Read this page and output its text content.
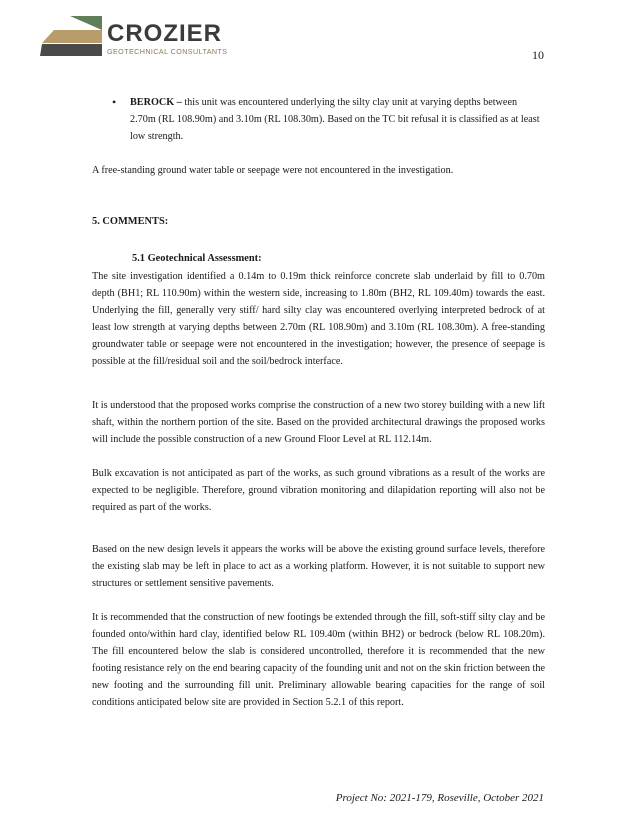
CROZIER
GEOTECHNICAL CONSULTANTS	10
• BEROCK – this unit was encountered underlying the silty clay unit at varying depths between 2.70m (RL 108.90m) and 3.10m (RL 108.30m). Based on the TC bit refusal it is classified as at least low strength.

A free-standing ground water table or seepage were not encountered in the investigation.

5. COMMENTS:
5.1 Geotechnical Assessment:

The site investigation identified a 0.14m to 0.19m thick reinforce concrete slab underlaid by fill to 0.70m depth (BH1; RL 110.90m) within the western side, increasing to 1.80m (BH2, RL 109.40m) towards the east. Underlying the fill, generally very stiff/ hard silty clay was encountered overlying interpreted bedrock of at least low strength at varying depths between 2.70m (RL 108.90m) and 3.10m (RL 108.30m). A free-standing groundwater table or seepage were not encountered in the investigation; however, the presence of seepage is possible at the fill/residual soil and the soil/bedrock interface.

It is understood that the proposed works comprise the construction of a new two storey building with a new lift shaft, within the northern portion of the site. Based on the provided architectural drawings the proposed works will include the possible construction of a new Ground Floor Level at RL 112.14m.

Bulk excavation is not anticipated as part of the works, as such ground vibrations as a result of the works are expected to be negligible. Therefore, ground vibration monitoring and dilapidation reporting will also not be required as part of the works.

Based on the new design levels it appears the works will be above the existing ground surface levels, therefore the existing slab may be left in place to act as a working platform. However, it is not suitable to support new structures or settlement sensitive pavements.

It is recommended that the construction of new footings be extended through the fill, soft-stiff silty clay and be founded onto/within hard clay, identified below RL 109.40m (within BH2) or bedrock (below RL 108.20m). The fill encountered below the slab is considered uncontrolled, therefore it is recommended that the new footing resistance rely on the end bearing capacity of the founding unit and not on the skin friction between the new footing and the surrounding fill unit. Preliminary allowable bearing capacities for the range of soil conditions anticipated below site are provided in Section 5.2.1 of this report.

Project No: 2021-179, Roseville, October 2021
